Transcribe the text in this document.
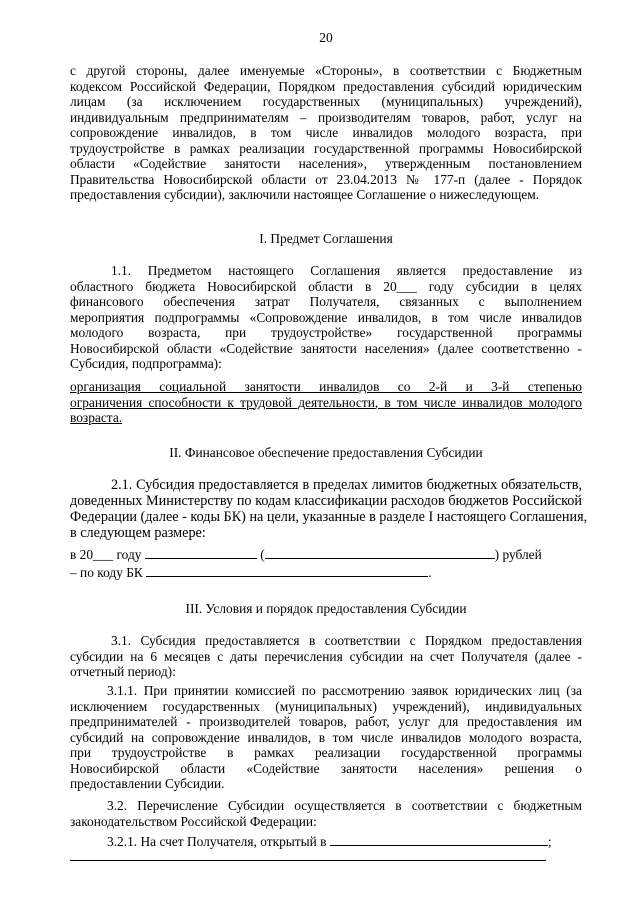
20
с другой стороны, далее именуемые «Стороны», в соответствии с Бюджетным
кодексом Российской Федерации, Порядком предоставления субсидий юридическим
лицам (за исключением государственных (муниципальных) учреждений),
индивидуальным предпринимателям – производителям товаров, работ, услуг на
сопровождение инвалидов, в том числе инвалидов молодого возраста, при
трудоустройстве в рамках реализации государственной программы Новосибирской
области «Содействие занятости населения», утвержденным постановлением
Правительства Новосибирской области от 23.04.2013 № 177-п (далее - Порядок
предоставления субсидии), заключили настоящее Соглашение о нижеследующем.
I. Предмет Соглашения
1.1. Предметом настоящего Соглашения является предоставление из
областного бюджета Новосибирской области в 20___ году субсидии в целях
финансового обеспечения затрат Получателя, связанных с выполнением
мероприятия подпрограммы «Сопровождение инвалидов, в том числе инвалидов
молодого возраста, при трудоустройстве» государственной программы
Новосибирской области «Содействие занятости населения» (далее соответственно -
Субсидия, подпрограмма):
организация социальной занятости инвалидов со 2-й и 3-й степенью
ограничения способности к трудовой деятельности, в том числе инвалидов молодого
возраста.
II. Финансовое обеспечение предоставления Субсидии
2.1. Субсидия предоставляется в пределах лимитов бюджетных обязательств,
доведенных Министерству по кодам классификации расходов бюджетов Российской
Федерации (далее - коды БК) на цели, указанные в разделе I настоящего Соглашения,
в следующем размере:
в 20___ году	(	) рублей
– по коду БК	.
III. Условия и порядок предоставления Субсидии
3.1. Субсидия предоставляется в соответствии с Порядком предоставления
субсидии на 6 месяцев с даты перечисления субсидии на счет Получателя (далее -
отчетный период):
3.1.1. При принятии комиссией по рассмотрению заявок юридических лиц (за
исключением государственных (муниципальных) учреждений), индивидуальных
предпринимателей - производителей товаров, работ, услуг для предоставления им
субсидий на сопровождение инвалидов, в том числе инвалидов молодого возраста,
при трудоустройстве в рамках реализации государственной программы
Новосибирской области «Содействие занятости населения» решения о
предоставлении Субсидии.
3.2. Перечисление Субсидии осуществляется в соответствии с бюджетным
законодательством Российской Федерации:
3.2.1. На счет Получателя, открытый в	;
